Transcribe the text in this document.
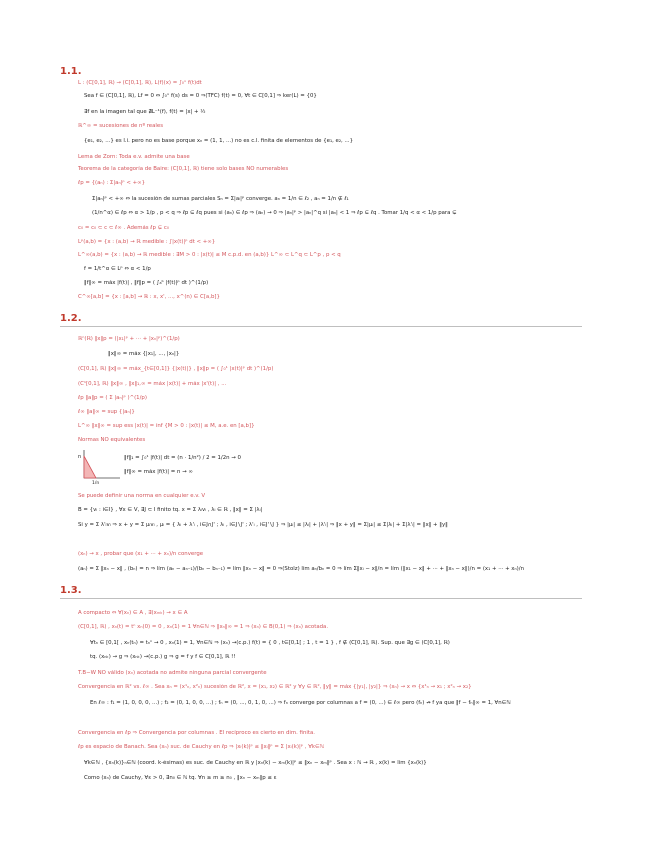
1.1.
L : (C[0,1], ℝ) → (C[0,1], ℝ), L(f)(x) = ∫₀ˣ f(t)dt
Sea f ∈ (C[0,1], ℝ), Lf = 0 ⇔ ∫₀ˣ f(s) ds = 0 ⇒(TFC) f(t) = 0, ∀t ∈ C[0,1] ⇒ ker(L) = {0}
∃f en la imagen tal que ∄L⁻¹(f), f(t) = |x| + ½
ℝ^∞ = sucesiones de nº reales
{e₁, e₂, ...} es l.i. pero no es base porque xₙ = (1, 1, ...) no es c.l. finita de elementos de {e₁, e₂, ...}
Lema de Zorn: Toda e.v. admite una base
Teorema de la categoría de Baire: (C[0,1], ℝ) tiene solo bases NO numerables
ℓp = {(aₙ) : Σ|aₙ|ᵖ < +∞}
Σ|aₙ|ᵖ < +∞ ⇔ la sucesión de sumas parciales Sₙ = Σ|aᵢ|ᵖ converge. aₙ = 1/n ∈ ℓ₂ , aₙ = 1/n ∉ ℓ₁
(1/n^α) ∈ ℓp ⇔ α > 1/p , p < q ⇒ ℓp ⊆ ℓq pues si (aₙ) ∈ ℓp ⇒ (aₙ) → 0 ⇒ |aₙ|ᵖ > |aₙ|^q si |aₙ| < 1 ⇒ ℓp ⊆ ℓq . Tomar 1/q < α < 1/p para ⊊
c₀ = c₀ ⊂ c ⊂ ℓ∞ . Además ℓp ⊊ c₀
Lᵖ(a,b) = {x : (a,b) → ℝ medible : ∫|x(t)|ᵖ dt < +∞}
L^∞(a,b) = {x : (a,b) → ℝ medible : ∃M > 0 : |x(t)| ≤ M c.p.d. en (a,b)} L^∞ ⊂ L^q ⊂ L^p , p < q
f = 1/t^α ∈ Lᵖ ⇔ α < 1/p
‖f‖∞ = máx |f(t)| , ‖f‖p = ( ∫ₐᵇ |f(t)|ᵖ dt )^(1/p)
C^∞[a,b] = {x : [a,b] → ℝ : x, x', ..., x^(n) ∈ C[a,b]}
1.2.
ℝⁿ(ℝ) ‖x‖p = (|x₁|ᵖ + ··· + |xₙ|ᵖ)^(1/p)
‖x‖∞ = máx {|x₁|, ..., |xₙ|}
(C[0,1], ℝ) ‖x‖∞ = máx_{t∈[0,1]} {|x(t)|} , ‖x‖p = ( ∫₀¹ |x(t)|ᵖ dt )^(1/p)
(C¹[0,1], ℝ) ‖x‖∞ , ‖x‖₁,∞ = máx |x(t)| + máx |x'(t)| , ...
ℓp ‖a‖p = ( Σ |aₙ|ᵖ )^(1/p)
ℓ∞ ‖a‖∞ = sup {|aₙ|}
L^∞ ‖x‖∞ = sup ess |x(t)| = ínf {M > 0 : |x(t)| ≤ M, a.e. en [a,b]}
Normas NO equivalentes
n
1/n
‖f‖₁ = ∫₀¹ |f(t)| dt = (n · 1/n²) / 2 = 1/2n → 0
‖f‖∞ = máx |f(t)| = n → ∞
Se puede definir una norma en cualquier e.v. V
B = {vᵢ : i∈I} , ∀x ∈ V, ∃J ⊂ I finito tq. x = Σ λᵢvᵢ , λᵢ ∈ ℝ , ‖x‖ = Σ |λᵢ|
Si y = Σ λ'ᵢvᵢ ⇒ x + y = Σ μᵢvᵢ , μᵢ = { λᵢ + λ'ᵢ , i∈J∩J' ; λᵢ , i∈J∖J' ; λ'ᵢ , i∈J'∖J } ⇒ |μᵢ| ≤ |λᵢ| + |λ'ᵢ| ⇒ ‖x + y‖ = Σ|μᵢ| ≤ Σ|λᵢ| + Σ|λ'ᵢ| = ‖x‖ + ‖y‖
(xₙ) → x , probar que (x₁ + ··· + xₙ)/n converge
(aₙ) = Σ ‖xₙ − x‖ , (bₙ) = n ⇒ lím (aₙ − aₙ₋₁)/(bₙ − bₙ₋₁) = lím ‖xₙ − x‖ = 0 ⇒(Stolz) lím aₙ/bₙ = 0 ⇒ lím Σ‖xᵢ − x‖/n = lím (‖x₁ − x‖ + ··· + ‖xₙ − x‖)/n = (x₁ + ··· + xₙ)/n
1.3.
A compacto ⇔ ∀(xₙ) ∈ A , ∃(xₘₖ) → x ∈ A
(C[0,1], ℝ) , xₙ(t) = tⁿ xₙ(0) = 0 , xₙ(1) = 1 ∀n∈ℕ ⇒ ‖xₙ‖∞ = 1 ⇒ (xₙ) ∈ B̄(0,1) ⇒ (xₙ) acotada.
∀tₙ ∈ [0,1[ , xₙ(tₙ) = tₙⁿ → 0 , xₙ(1) = 1, ∀n∈ℕ ⇒ (xₙ) →(c.p.) f(t) = { 0 , t∈[0,1[ ; 1 , t = 1 } , f ∉ (C[0,1], ℝ). Sup. que ∃g ∈ (C[0,1], ℝ)
tq. (xₙₖ) → g ⇒ (xₙₖ) →(c.p.) g ⇒ g = f y f ∈ C[0,1], ℝ !!
T.B−W NO válido (xₙ) acotada no admite ninguna parcial convergente
Convergencia en ℝ² vs. ℓ∞ . Sea xₙ = (x¹ₙ, x²ₙ) sucesión de ℝ², x = (x₁, x₂) ∈ ℝ² y ∀y ∈ ℝ², ‖y‖ = máx {|y₁|, |y₂|} ⇒ (xₙ) → x ⇔ {x¹ₙ → x₁ ; x²ₙ → x₂}
En ℓ∞ : f₁ = (1, 0, 0, 0, ...) ; f₂ = (0, 1, 0, 0, ...) ; fₙ = (0, ..., 0, 1, 0, ...) ⇒ fₙ converge por columnas a f = (0, ...) ∈ ℓ∞ pero (fₙ) ↛ f ya que ‖f − fₙ‖∞ = 1, ∀n∈ℕ
Convergencia en ℓp ⇒ Convergencia por columnas . El recíproco es cierto en dim. finita.
ℓp es espacio de Banach. Sea (xₙ) suc. de Cauchy en ℓp ⇒ |xᵢ(k)|ᵖ ≤ ‖xᵢ‖ᵖ = Σ |xᵢ(k)|ᵖ , ∀k∈ℕ
∀k∈ℕ , {xₙ(k)}ₙ∈ℕ (coord. k-ésimas) es suc. de Cauchy en ℝ y |xₙ(k) − xₘ(k)|ᵖ ≤ ‖xₙ − xₘ‖ᵖ . Sea x : ℕ → ℝ , x(k) = lím {xₙ(k)}
Como (xₙ) de Cauchy, ∀ε > 0, ∃n₀ ∈ ℕ tq. ∀n ≥ m ≥ n₀ , ‖xₙ − xₘ‖p ≤ ε
